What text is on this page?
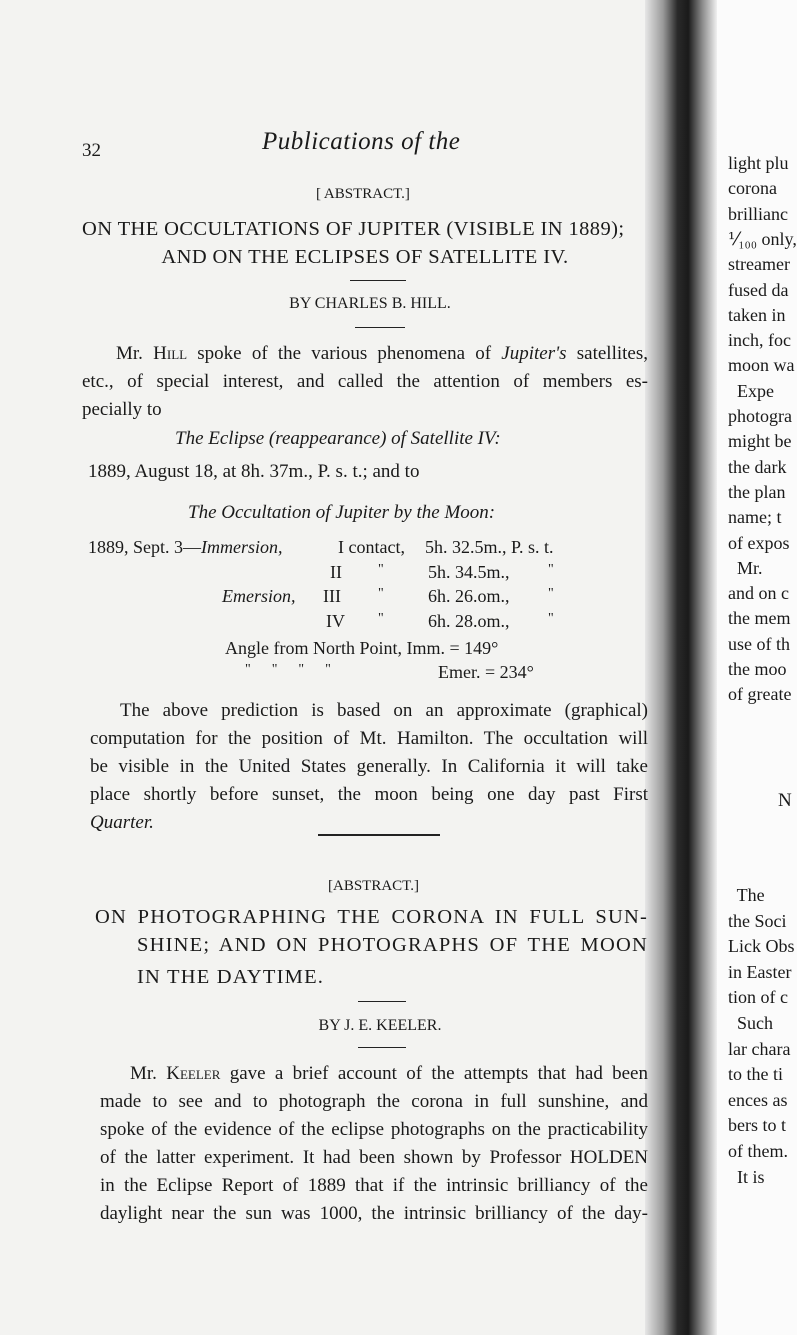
32	Publications of the
[ ABSTRACT.]
ON THE OCCULTATIONS OF JUPITER (VISIBLE IN 1889);
AND ON THE ECLIPSES OF SATELLITE IV.
BY CHARLES B. HILL.
Mr. Hill spoke of the various phenomena of Jupiter's satellites,
etc., of special interest, and called the attention of members es-
pecially to
The Eclipse (reappearance) of Satellite IV:
1889, August 18, at 8h. 37m., P. s. t.; and to
The Occultation of Jupiter by the Moon:
1889, Sept. 3—Immersion,	I contact, 5h. 32.5m., P. s. t.
II	" 5h. 34.5m.,	"
Emersion, III	" 6h. 26.om.,	"
IV " 6h. 28.om.,	"
Angle from North Point, Imm. = 149°
"      "      "      "	Emer. = 234°
The above prediction is based on an approximate (graphical)
computation for the position of Mt. Hamilton. The occultation will
be visible in the United States generally. In California it will take
place shortly before sunset, the moon being one day past First
Quarter.
[ABSTRACT.]
ON PHOTOGRAPHING THE CORONA IN FULL SUN-
SHINE; AND ON PHOTOGRAPHS OF THE MOON
IN THE DAYTIME.
BY J. E. KEELER.
Mr. Keeler gave a brief account of the attempts that had been
made to see and to photograph the corona in full sunshine, and
spoke of the evidence of the eclipse photographs on the practicability
of the latter experiment. It had been shown by Professor HOLDEN
in the Eclipse Report of 1889 that if the intrinsic brilliancy of the
daylight near the sun was 1000, the intrinsic brilliancy of the day-
light plu
corona
brillianc
⅟₁₀₀ only,
streamer
fused da
taken in
inch, foc
moon wa
Expe
photogra
might be
the dark
the plan
name; t
of expos
Mr.
and on c
the mem
use of th
the moo
of greate
N
The
the Soci
Lick Obs
in Easter
tion of c
Such
lar chara
to the ti
ences as
bers to t
of them.
It is
